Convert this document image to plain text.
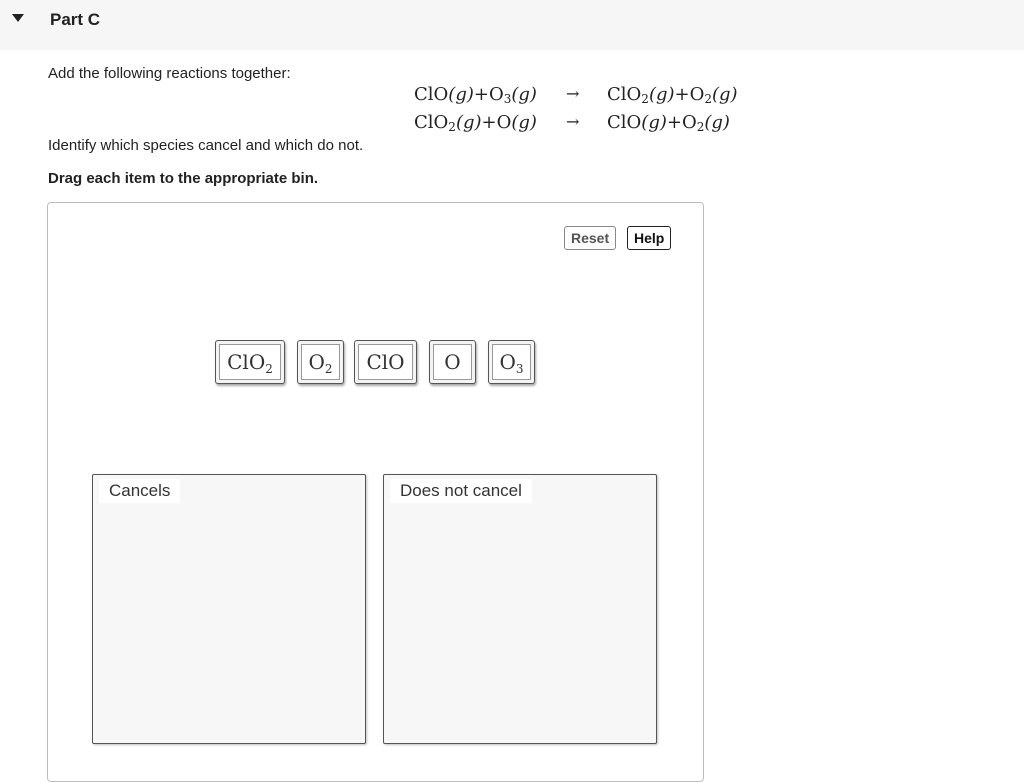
Part C
Add the following reactions together:
$ClO(g)+O_3(g) \to ClO_2(g)+O_2(g)$
$ClO_2(g)+O(g) \to ClO(g)+O_2(g)$
Identify which species cancel and which do not.
Drag each item to the appropriate bin.
Reset	Help
ClO$_2$	$O_2$	ClO	O	$O_3$
Cancels	Does not cancel
